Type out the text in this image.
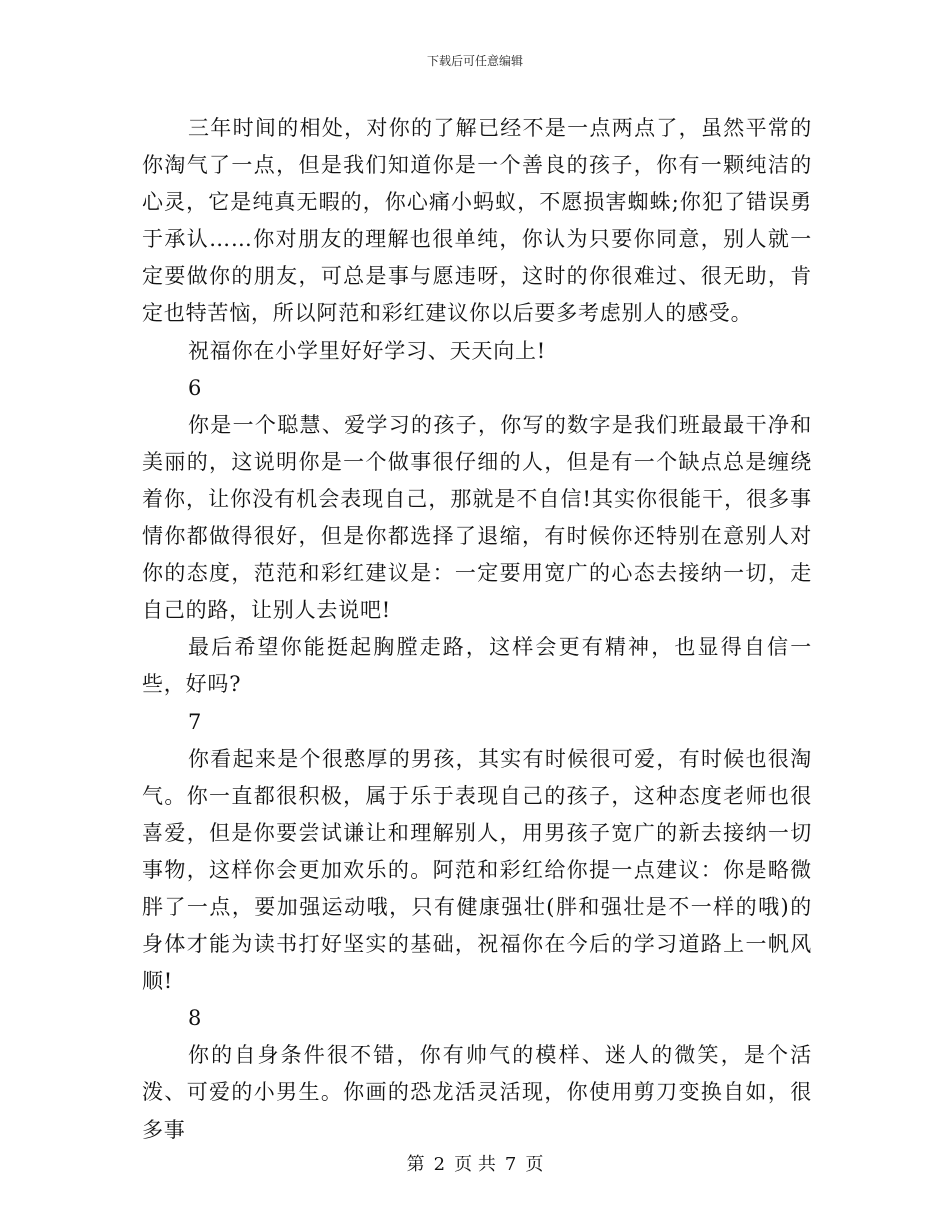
下载后可任意编辑

三年时间的相处，对你的了解已经不是一点两点了，虽然平常的你淘气了一点，但是我们知道你是一个善良的孩子，你有一颗纯洁的心灵，它是纯真无暇的，你心痛小蚂蚁，不愿损害蜘蛛;你犯了错误勇于承认……你对朋友的理解也很单纯，你认为只要你同意，别人就一定要做你的朋友，可总是事与愿违呀，这时的你很难过、很无助，肯定也特苦恼，所以阿范和彩红建议你以后要多考虑别人的感受。

祝福你在小学里好好学习、天天向上!

6

你是一个聪慧、爱学习的孩子，你写的数字是我们班最最干净和美丽的，这说明你是一个做事很仔细的人，但是有一个缺点总是缠绕着你，让你没有机会表现自己，那就是不自信!其实你很能干，很多事情你都做得很好，但是你都选择了退缩，有时候你还特别在意别人对你的态度，范范和彩红建议是：一定要用宽广的心态去接纳一切，走自己的路，让别人去说吧!

最后希望你能挺起胸膛走路，这样会更有精神，也显得自信一些，好吗?

7

你看起来是个很憨厚的男孩，其实有时候很可爱，有时候也很淘气。你一直都很积极，属于乐于表现自己的孩子，这种态度老师也很喜爱，但是你要尝试谦让和理解别人，用男孩子宽广的新去接纳一切事物，这样你会更加欢乐的。阿范和彩红给你提一点建议：你是略微胖了一点，要加强运动哦，只有健康强壮(胖和强壮是不一样的哦)的身体才能为读书打好坚实的基础，祝福你在今后的学习道路上一帆风顺!

8

你的自身条件很不错，你有帅气的模样、迷人的微笑，是个活泼、可爱的小男生。你画的恐龙活灵活现，你使用剪刀变换自如，很多事

第 2 页 共 7 页
